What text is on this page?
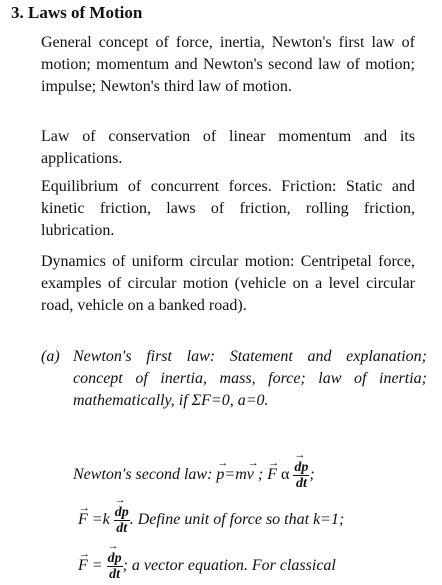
3. Laws of Motion
General concept of force, inertia, Newton's first law of motion; momentum and Newton's second law of motion; impulse; Newton's third law of motion.
Law of conservation of linear momentum and its applications.
Equilibrium of concurrent forces. Friction: Static and kinetic friction, laws of friction, rolling friction, lubrication.
Dynamics of uniform circular motion: Centripetal force, examples of circular motion (vehicle on a level circular road, vehicle on a banked road).
(a) Newton's first law: Statement and explanation; concept of inertia, mass, force; law of inertia; mathematically, if ΣF=0, a=0.
Newton's second law: → p=m→ v ; → F α
→ $\frac{dp}{dt}$ ;
→ F =k
→ $\frac{dp}{dt}$ . Define unit of force so that k=1;
→ F =
→ $\frac{dp}{dt}$ ; a vector equation. For classical
